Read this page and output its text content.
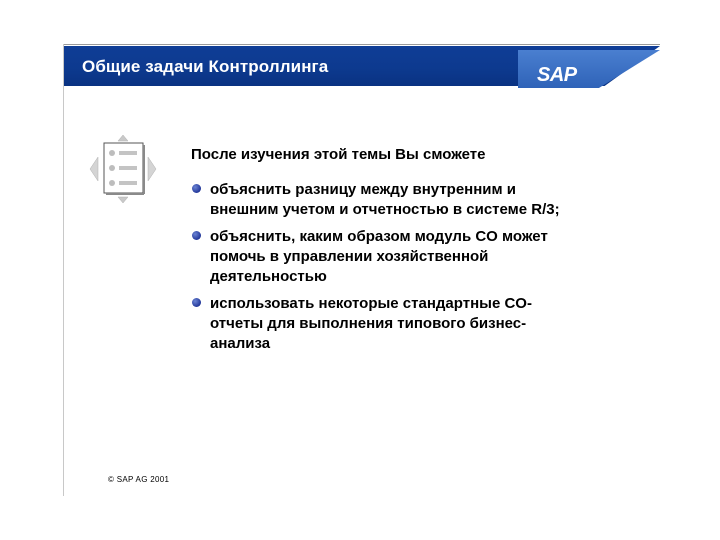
Общие задачи Контроллинга	SAP
После изучения этой темы Вы сможете
объяснить разницу между внутренним и
внешним учетом и отчетностью в системе R/3;
объяснить, каким образом модуль CO может
помочь в управлении хозяйственной
деятельностью
использовать некоторые стандартные CO-
отчеты для выполнения типового бизнес-
анализа
© SAP AG 2001
